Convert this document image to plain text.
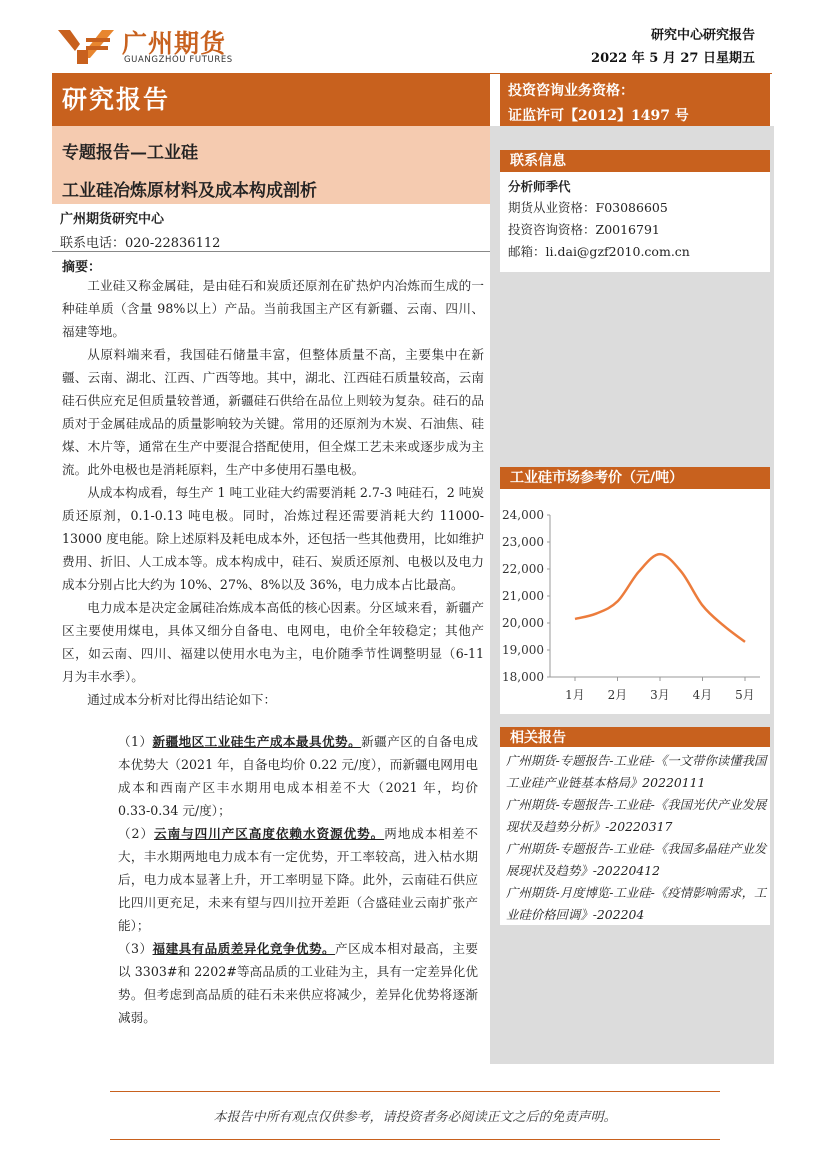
广州期货
GUANGZHOU FUTURES
研究中心研究报告
2022 年 5 月 27 日星期五
研究报告
专题报告—工业硅
工业硅冶炼原材料及成本构成剖析
广州期货研究中心
联系电话：020-22836112
摘要：

工业硅又称金属硅，是由硅石和炭质还原剂在矿热炉内冶炼而生成的一种硅单质（含量 98%以上）产品。当前我国主产区有新疆、云南、四川、福建等地。

从原料端来看，我国硅石储量丰富，但整体质量不高，主要集中在新疆、云南、湖北、江西、广西等地。其中，湖北、江西硅石质量较高，云南硅石供应充足但质量较普通，新疆硅石供给在品位上则较为复杂。硅石的品质对于金属硅成品的质量影响较为关键。常用的还原剂为木炭、石油焦、硅煤、木片等，通常在生产中要混合搭配使用，但全煤工艺未来或逐步成为主流。此外电极也是消耗原料，生产中多使用石墨电极。

从成本构成看，每生产 1 吨工业硅大约需要消耗 2.7-3 吨硅石，2 吨炭质还原剂，0.1-0.13 吨电极。同时，冶炼过程还需要消耗大约 11000-13000 度电能。除上述原料及耗电成本外，还包括一些其他费用，比如维护费用、折旧、人工成本等。成本构成中，硅石、炭质还原剂、电极以及电力成本分别占比大约为 10%、27%、8%以及 36%，电力成本占比最高。

电力成本是决定金属硅冶炼成本高低的核心因素。分区域来看，新疆产区主要使用煤电，具体又细分自备电、电网电，电价全年较稳定；其他产区，如云南、四川、福建以使用水电为主，电价随季节性调整明显（6-11 月为丰水季）。

通过成本分析对比得出结论如下：

（1）新疆地区工业硅生产成本最具优势。新疆产区的自备电成本优势大（2021 年，自备电均价 0.22 元/度），而新疆电网用电成本和西南产区丰水期用电成本相差不大（2021 年，均价 0.33-0.34 元/度）；

（2）云南与四川产区高度依赖水资源优势。两地成本相差不大，丰水期两地电力成本有一定优势，开工率较高，进入枯水期后，电力成本显著上升，开工率明显下降。此外，云南硅石供应比四川更充足，未来有望与四川拉开差距（合盛硅业云南扩张产能）；

（3）福建具有品质差异化竞争优势。产区成本相对最高，主要以 3303#和 2202#等高品质的工业硅为主，具有一定差异化优势。但考虑到高品质的硅石未来供应将减少，差异化优势将逐渐减弱。

投资咨询业务资格：
证监许可【2012】1497 号
联系信息
分析师季代
期货从业资格：F03086605
投资咨询资格：Z0016791
邮箱：li.dai@gzf2010.com.cn
工业硅市场参考价（元/吨）
24,000
23,000
22,000
21,000
20,000
19,000
18,000
1月 2月 3月 4月 5月
相关报告

广州期货-专题报告-工业硅-《一文带你读懂我国工业硅产业链基本格局》20220111

广州期货-专题报告-工业硅-《我国光伏产业发展现状及趋势分析》-20220317

广州期货-专题报告-工业硅-《我国多晶硅产业发展现状及趋势》-20220412

广州期货-月度博览-工业硅-《疫情影响需求，工业硅价格回调》-202204

本报告中所有观点仅供参考，请投资者务必阅读正文之后的免责声明。
